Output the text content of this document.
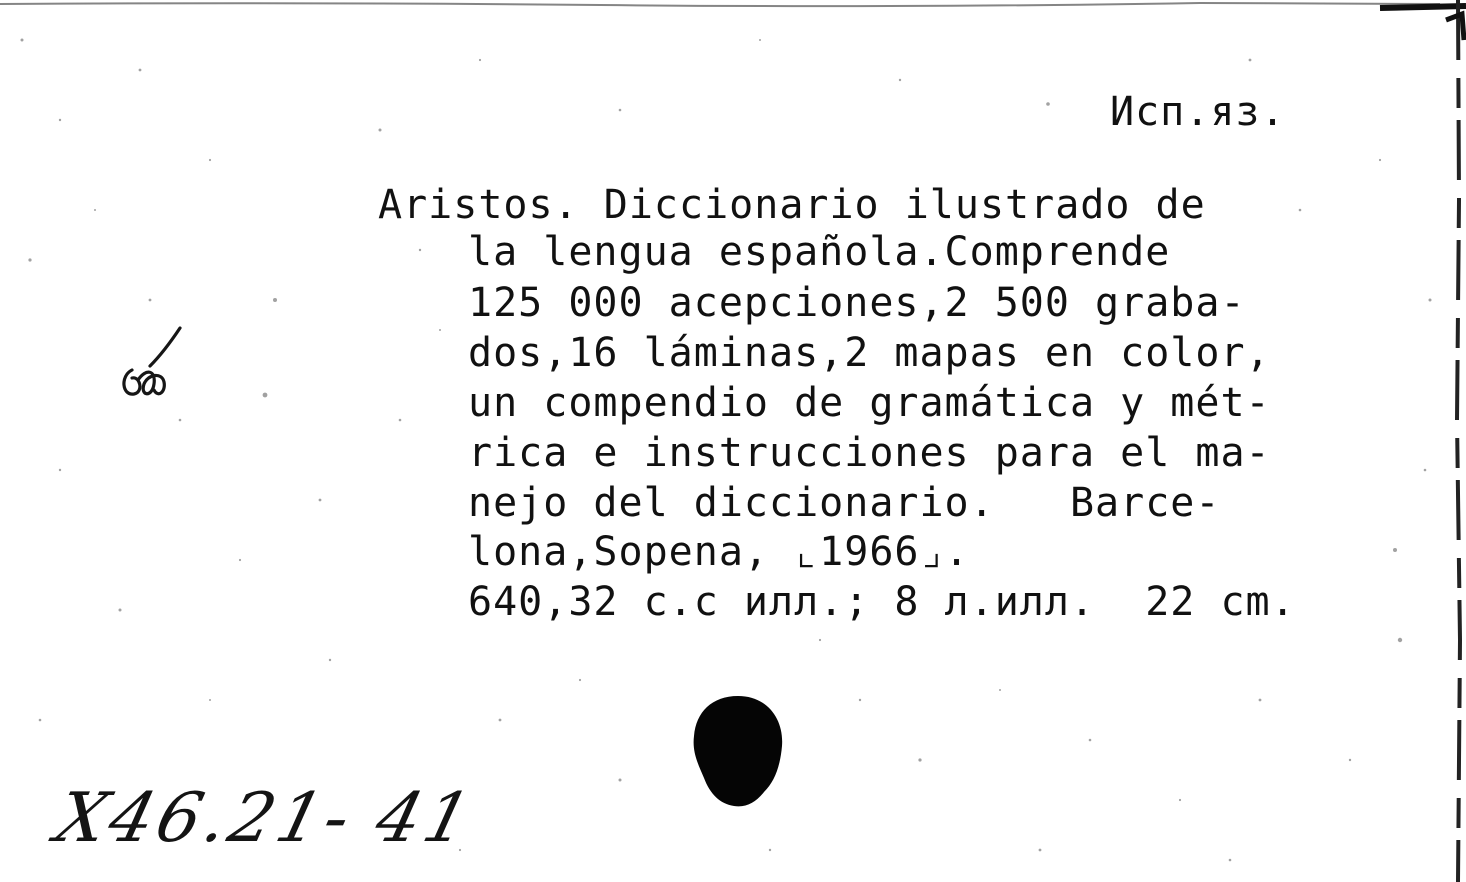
Исп.яз.
Aristos. Diccionario ilustrado de
la lengua española.Comprende
125 000 acepciones,2 500 graba-
dos,16 láminas,2 mapas en color,
un compendio de gramática y mét-
rica e instrucciones para el ma-
nejo del diccionario.   Barce-
lona,Sopena, ⌞1966⌟.
640,32 c.c илл.; 8 л.илл.  22 cm.
X46.21- 41
